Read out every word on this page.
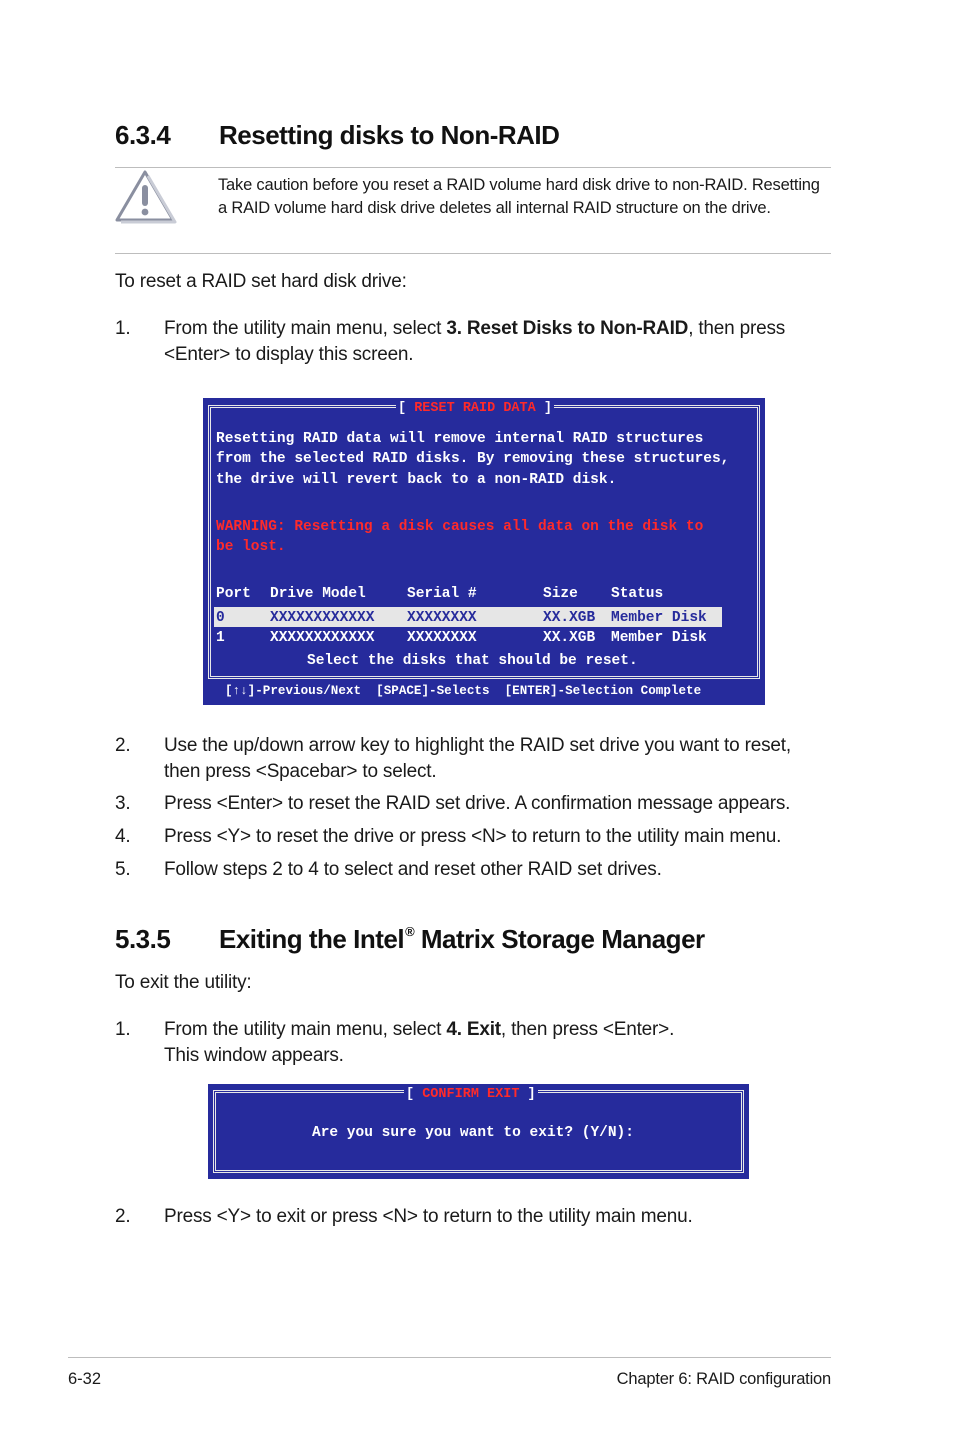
6.3.4 Resetting disks to Non-RAID
Take caution before you reset a RAID volume hard disk drive to non-RAID. Resetting a RAID volume hard disk drive deletes all internal RAID structure on the drive.
To reset a RAID set hard disk drive:
1. From the utility main menu, select 3. Reset Disks to Non-RAID, then press <Enter> to display this screen.
[ RESET RAID DATA ]
Resetting RAID data will remove internal RAID structures
from the selected RAID disks. By removing these structures,
the drive will revert back to a non-RAID disk.
WARNING: Resetting a disk causes all data on the disk to
be lost.
Port Drive Model	Serial #	Size Status
0	XXXXXXXXXXXX XXXXXXXX	XX.XGB Member Disk
1	XXXXXXXXXXXX XXXXXXXX	XX.XGB Member Disk
Select the disks that should be reset.
[↑↓]-Previous/Next  [SPACE]-Selects  [ENTER]-Selection Complete
2. Use the up/down arrow key to highlight the RAID set drive you want to reset, then press <Spacebar> to select.
3. Press <Enter> to reset the RAID set drive. A confirmation message appears.
4. Press <Y> to reset the drive or press <N> to return to the utility main menu.
5. Follow steps 2 to 4 to select and reset other RAID set drives.
5.3.5 Exiting the Intel® Matrix Storage Manager
To exit the utility:
1. From the utility main menu, select 4. Exit, then press <Enter>.
This window appears.
[ CONFIRM EXIT ]
Are you sure you want to exit? (Y/N):
2. Press <Y> to exit or press <N> to return to the utility main menu.
6-32	Chapter 6: RAID configuration
